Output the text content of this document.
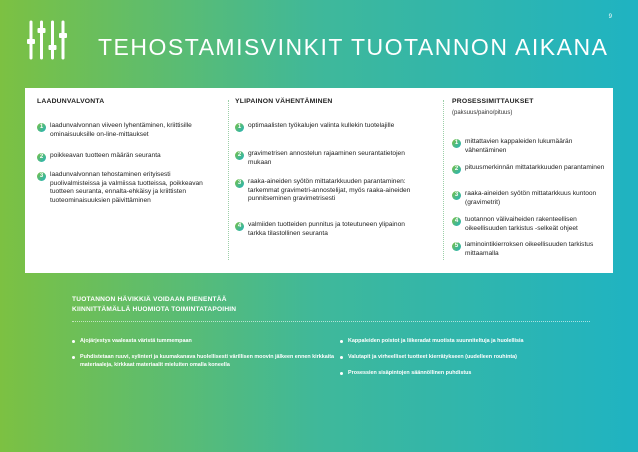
9
TEHOSTAMISVINKIT TUOTANNON AIKANA
LAADUNVALVONTA
1	laadunvalvonnan viiveen lyhentäminen, kriittisille ominaisuuksille on-line-mittaukset
2	poikkeavan tuotteen määrän seuranta
3	laadunvalvonnan tehostaminen erityisesti puolivalmisteissa ja valmiissa tuotteissa, poikkeavan tuotteen seuranta, ennalta-ehkäisy ja kriittisten tuoteominaisuuksien päivittäminen
YLIPAINON VÄHENTÄMINEN
1	optimaalisten työkalujen valinta kullekin tuotelajille
2	gravimetrisen annostelun rajaaminen seurantatietojen mukaan
3	raaka-aineiden syötön mittatarkkuuden parantaminen: tarkemmat gravimetri-annostelijat, myös raaka-aineiden punnitseminen gravimetrisesti
4	valmiiden tuotteiden punnitus ja toteutuneen ylipainon tarkka tilastollinen seuranta
PROSESSIMITTAUKSET
(paksuus/paino/pituus)
1	mittattavien kappaleiden lukumäärän vähentäminen
2	pituusmerkinnän mittatarkkuuden parantaminen
3	raaka-aineiden syötön mittatarkkuus kuntoon (gravimetrit)
4	tuotannon välivaiheiden rakenteellisen oikeellisuuden tarkistus -selkeät ohjeet
5	laminointikierroksen oikeellisuuden tarkistus mittaamalla
TUOTANNON HÄVIKKIÄ VOIDAAN PIENENTÄÄ
KIINNITTÄMÄLLÄ HUOMIOTA TOIMINTATAPOIHIN
Ajojärjestys vaaleasta väristä tummempaan
Puhdistetaan ruuvi, sylinteri ja kuumakanava huolellisesti värillisen moovin jälkeen ennen kirkkaita materiaaleja, kirkkaat materiaalit mieluiten omalla koneella
Kappaleiden poistot ja liikeradat muotista suunniteltuja ja huolellisia
Valutapit ja virheelliset tuotteet kierrätykseen (uudelleen rouhinta)
Prosessien sisäpintojen säännöllinen puhdistus
